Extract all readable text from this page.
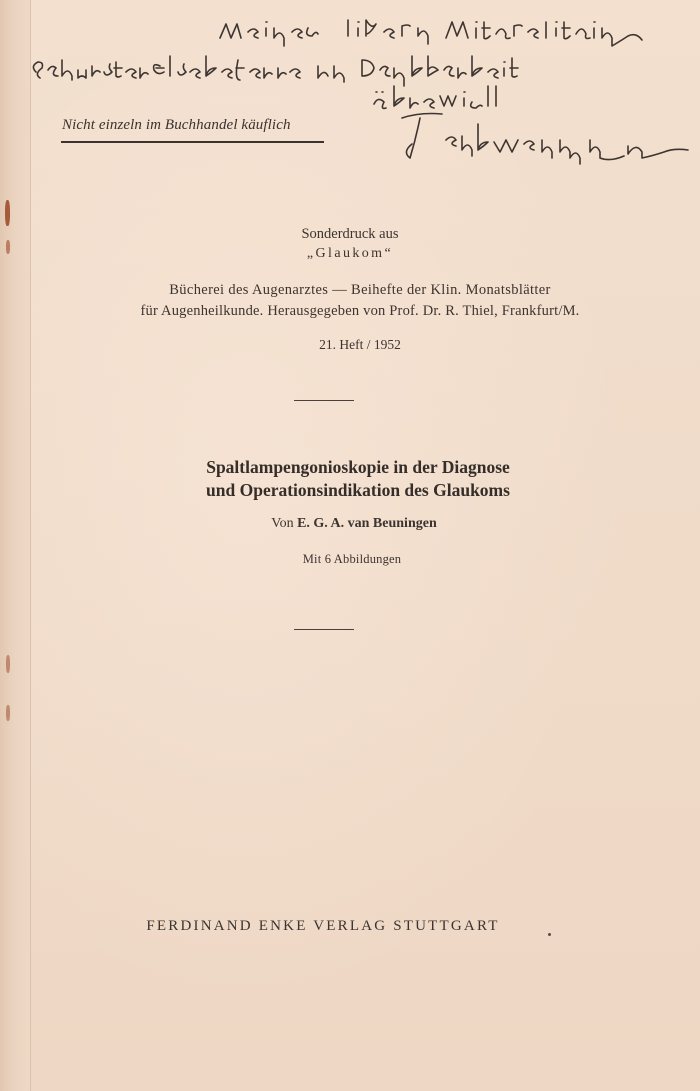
Nicht einzeln im Buchhandel käuflich
Sonderdruck aus
„Glaukom“
Bücherei des Augenarztes — Beihefte der Klin. Monatsblätter
für Augenheilkunde. Herausgegeben von Prof. Dr. R. Thiel, Frankfurt/M.
21. Heft / 1952
Spaltlampengonioskopie in der Diagnose
und Operationsindikation des Glaukoms
Von E. G. A. van Beuningen
Mit 6 Abbildungen
FERDINAND ENKE VERLAG STUTTGART
